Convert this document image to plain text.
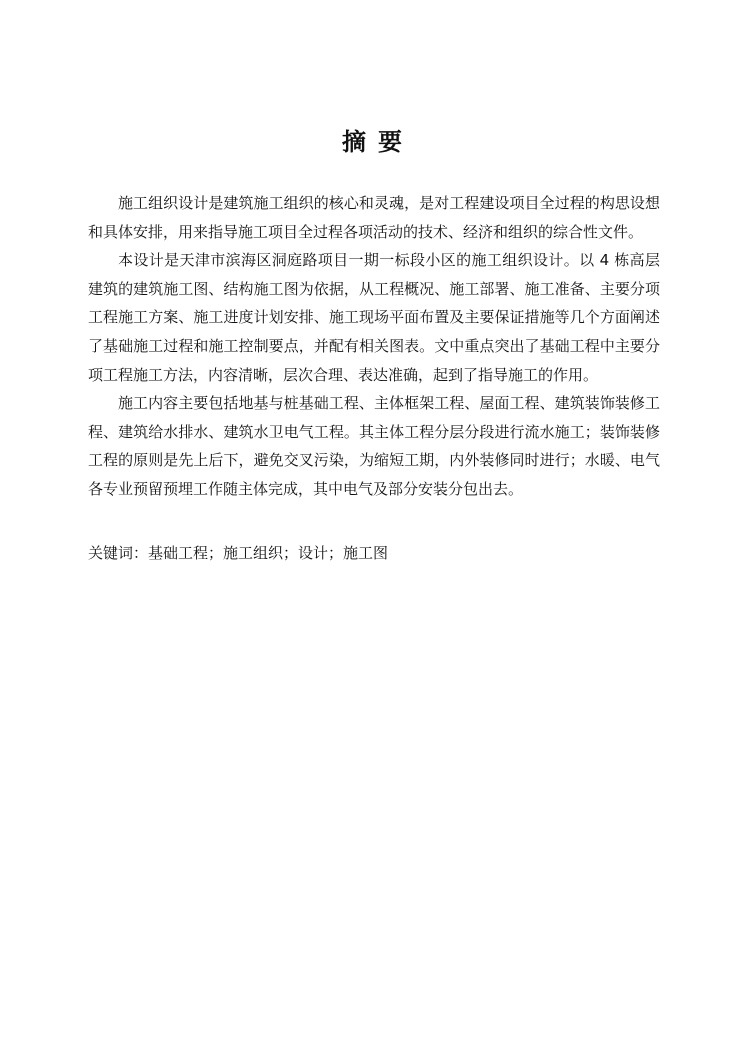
摘要

施工组织设计是建筑施工组织的核心和灵魂，是对工程建设项目全过程的构思设想和具体安排，用来指导施工项目全过程各项活动的技术、经济和组织的综合性文件。

本设计是天津市滨海区洞庭路项目一期一标段小区的施工组织设计。以 4 栋高层建筑的建筑施工图、结构施工图为依据，从工程概况、施工部署、施工准备、主要分项工程施工方案、施工进度计划安排、施工现场平面布置及主要保证措施等几个方面阐述了基础施工过程和施工控制要点，并配有相关图表。文中重点突出了基础工程中主要分项工程施工方法，内容清晰，层次合理、表达准确，起到了指导施工的作用。

施工内容主要包括地基与桩基础工程、主体框架工程、屋面工程、建筑装饰装修工程、建筑给水排水、建筑水卫电气工程。其主体工程分层分段进行流水施工；装饰装修工程的原则是先上后下，避免交叉污染，为缩短工期，内外装修同时进行；水暖、电气各专业预留预埋工作随主体完成，其中电气及部分安装分包出去。

关键词：基础工程；施工组织；设计；施工图
